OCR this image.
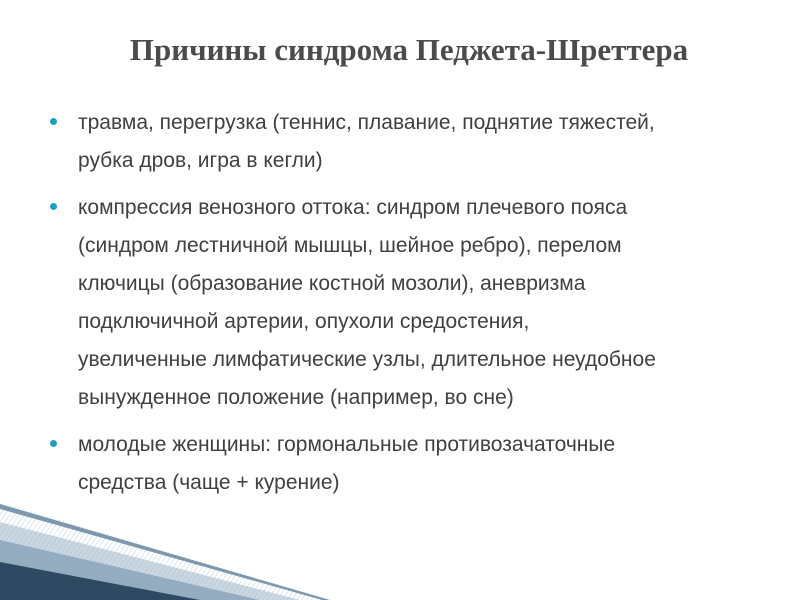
Причины синдрома Педжета-Шреттера
травма, перегрузка (теннис, плавание, поднятие тяжестей,
рубка дров, игра в кегли)
компрессия венозного оттока: синдром плечевого пояса
(синдром лестничной мышцы, шейное ребро), перелом
ключицы (образование костной мозоли), аневризма
подключичной артерии, опухоли средостения,
увеличенные лимфатические узлы, длительное неудобное
вынужденное положение (например, во сне)
молодые женщины: гормональные противозачаточные
средства (чаще + курение)
